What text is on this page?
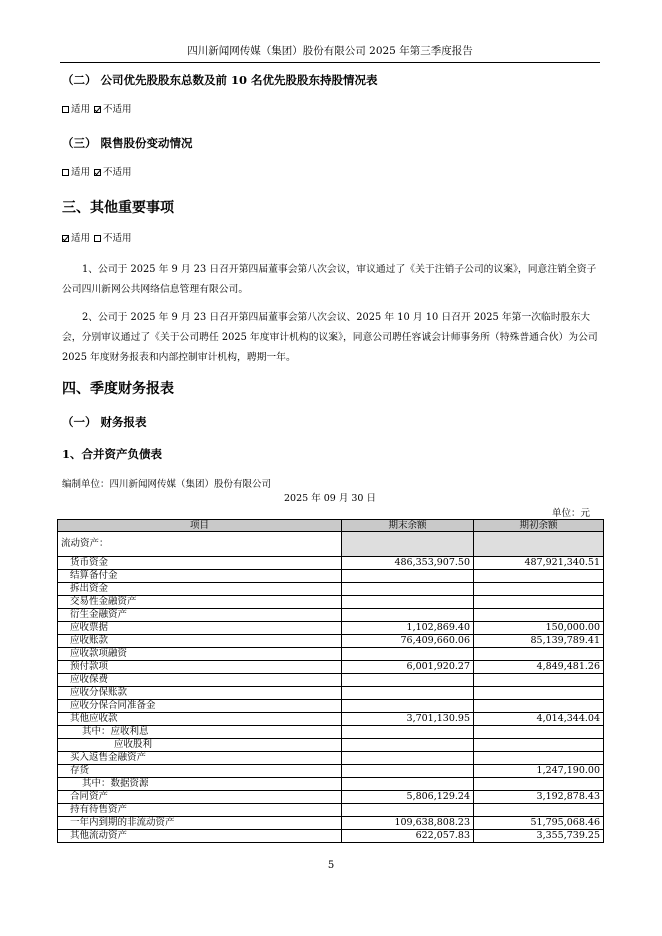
四川新闻网传媒（集团）股份有限公司 2025 年第三季度报告
（二） 公司优先股股东总数及前 10 名优先股股东持股情况表
适用 不适用
（三） 限售股份变动情况
适用 不适用
三、其他重要事项
适用 不适用
1、公司于 2025 年 9 月 23 日召开第四届董事会第八次会议，审议通过了《关于注销子公司的议案》，同意注销全资子公司四川新网公共网络信息管理有限公司。
2、公司于 2025 年 9 月 23 日召开第四届董事会第八次会议、2025 年 10 月 10 日召开 2025 年第一次临时股东大会，分别审议通过了《关于公司聘任 2025 年度审计机构的议案》，同意公司聘任容诚会计师事务所（特殊普通合伙）为公司 2025 年度财务报表和内部控制审计机构，聘期一年。
四、季度财务报表
（一） 财务报表
1、合并资产负债表
编制单位：四川新闻网传媒（集团）股份有限公司
2025 年 09 月 30 日
单位：元
项目	期末余额	期初余额
流动资产：		
货币资金	486,353,907.50	487,921,340.51
结算备付金		
拆出资金		
交易性金融资产		
衍生金融资产		
应收票据	1,102,869.40	150,000.00
应收账款	76,409,660.06	85,139,789.41
应收款项融资		
预付款项	6,001,920.27	4,849,481.26
应收保费		
应收分保账款		
应收分保合同准备金		
其他应收款	3,701,130.95	4,014,344.04
其中：应收利息		
应收股利		
买入返售金融资产		
存货		1,247,190.00
其中：数据资源		
合同资产	5,806,129.24	3,192,878.43
持有待售资产		
一年内到期的非流动资产	109,638,808.23	51,795,068.46
其他流动资产	622,057.83	3,355,739.25
5
